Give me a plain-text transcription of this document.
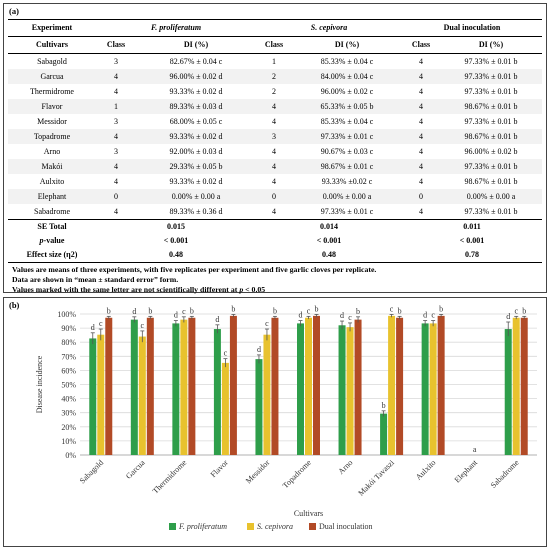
(a)
Experiment	F. proliferatum		S. cepivora		Dual inoculation	
Cultivars	Class	DI (%)	Class	DI (%)	Class	DI (%)
Sabagold	3	82.67% ± 0.04 c	1	85.33% ± 0.04 c	4	97.33% ± 0.01 b
Garcua	4	96.00% ± 0.02 d	2	84.00% ± 0.04 c	4	97.33% ± 0.01 b
Thermidrome	4	93.33% ± 0.02 d	2	96.00% ± 0.02 c	4	97.33% ± 0.01 b
Flavor	1	89.33% ± 0.03 d	4	65.33% ± 0.05 b	4	98.67% ± 0.01 b
Messidor	3	68.00% ± 0.05 c	4	85.33% ± 0.04 c	4	97.33% ± 0.01 b
Topadrome	4	93.33% ± 0.02 d	3	97.33% ± 0.01 c	4	98.67% ± 0.01 b
Arno	3	92.00% ± 0.03 d	4	90.67% ± 0.03 c	4	96.00% ± 0.02 b
Makói	4	29.33% ± 0.05 b	4	98.67% ± 0.01 c	4	97.33% ± 0.01 b
Aulxito	4	93.33% ± 0.02 d	4	93.33% ±0.02 c	4	98.67% ± 0.01 b
Elephant	0	0.00% ± 0.00 a	0	0.00% ± 0.00 a	0	0.00% ± 0.00 a
Sabadrome	4	89.33% ± 0.36 d	4	97.33% ± 0.01 c	4	97.33% ± 0.01 b
SE Total	0.015		0.014		0.011	
p-value	< 0.001		< 0.001		< 0.001	
Effect size (η2)	0.48		0.48		0.78	
Values are means of three experiments, with five replicates per experiment and five garlic cloves per replicate.
Data are shown in “mean ± standard error” form.
Values marked with the same letter are not scientifically different at p < 0.05
(b)
0%
10%
20%
30%
40%
50%
60%
70%
80%
90%
100%
Disease incidence
d c
b
Sabagold
d
c
b
Garcua
d c b
Thermidrome
d
c
b
Flavor
d
c
b
Messidor
d c b
Topadrome
d c
b
Arno
b
c b
Makói Tavaszi
d c
b
Aulxito
a
Elephant
d
c b
Sabadrome
Cultivars
F. proliferatum	S. cepivora	Dual inoculation
